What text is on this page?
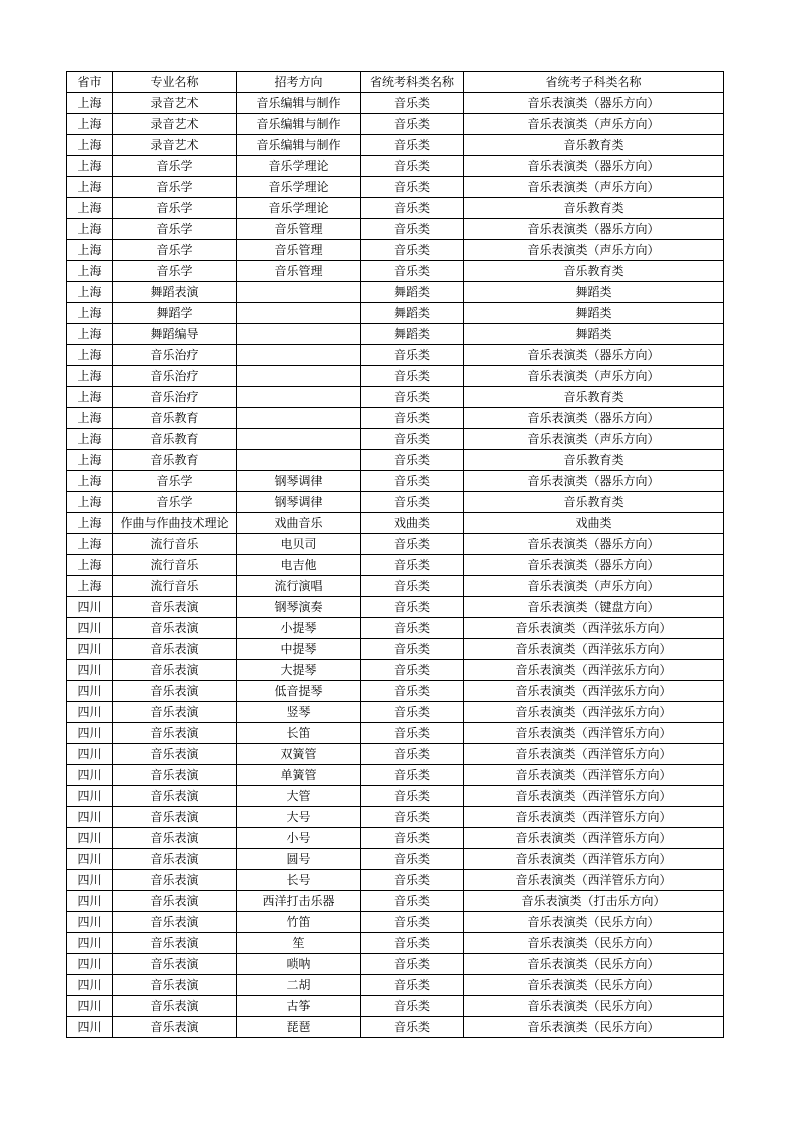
省市	专业名称	招考方向	省统考科类名称	省统考子科类名称
上海	录音艺术	音乐编辑与制作	音乐类	音乐表演类（器乐方向）
上海	录音艺术	音乐编辑与制作	音乐类	音乐表演类（声乐方向）
上海	录音艺术	音乐编辑与制作	音乐类	音乐教育类
上海	音乐学	音乐学理论	音乐类	音乐表演类（器乐方向）
上海	音乐学	音乐学理论	音乐类	音乐表演类（声乐方向）
上海	音乐学	音乐学理论	音乐类	音乐教育类
上海	音乐学	音乐管理	音乐类	音乐表演类（器乐方向）
上海	音乐学	音乐管理	音乐类	音乐表演类（声乐方向）
上海	音乐学	音乐管理	音乐类	音乐教育类
上海	舞蹈表演		舞蹈类	舞蹈类
上海	舞蹈学		舞蹈类	舞蹈类
上海	舞蹈编导		舞蹈类	舞蹈类
上海	音乐治疗		音乐类	音乐表演类（器乐方向）
上海	音乐治疗		音乐类	音乐表演类（声乐方向）
上海	音乐治疗		音乐类	音乐教育类
上海	音乐教育		音乐类	音乐表演类（器乐方向）
上海	音乐教育		音乐类	音乐表演类（声乐方向）
上海	音乐教育		音乐类	音乐教育类
上海	音乐学	钢琴调律	音乐类	音乐表演类（器乐方向）
上海	音乐学	钢琴调律	音乐类	音乐教育类
上海	作曲与作曲技术理论	戏曲音乐	戏曲类	戏曲类
上海	流行音乐	电贝司	音乐类	音乐表演类（器乐方向）
上海	流行音乐	电吉他	音乐类	音乐表演类（器乐方向）
上海	流行音乐	流行演唱	音乐类	音乐表演类（声乐方向）
四川	音乐表演	钢琴演奏	音乐类	音乐表演类（键盘方向）
四川	音乐表演	小提琴	音乐类	音乐表演类（西洋弦乐方向）
四川	音乐表演	中提琴	音乐类	音乐表演类（西洋弦乐方向）
四川	音乐表演	大提琴	音乐类	音乐表演类（西洋弦乐方向）
四川	音乐表演	低音提琴	音乐类	音乐表演类（西洋弦乐方向）
四川	音乐表演	竖琴	音乐类	音乐表演类（西洋弦乐方向）
四川	音乐表演	长笛	音乐类	音乐表演类（西洋管乐方向）
四川	音乐表演	双簧管	音乐类	音乐表演类（西洋管乐方向）
四川	音乐表演	单簧管	音乐类	音乐表演类（西洋管乐方向）
四川	音乐表演	大管	音乐类	音乐表演类（西洋管乐方向）
四川	音乐表演	大号	音乐类	音乐表演类（西洋管乐方向）
四川	音乐表演	小号	音乐类	音乐表演类（西洋管乐方向）
四川	音乐表演	圆号	音乐类	音乐表演类（西洋管乐方向）
四川	音乐表演	长号	音乐类	音乐表演类（西洋管乐方向）
四川	音乐表演	西洋打击乐器	音乐类	音乐表演类（打击乐方向）
四川	音乐表演	竹笛	音乐类	音乐表演类（民乐方向）
四川	音乐表演	笙	音乐类	音乐表演类（民乐方向）
四川	音乐表演	唢呐	音乐类	音乐表演类（民乐方向）
四川	音乐表演	二胡	音乐类	音乐表演类（民乐方向）
四川	音乐表演	古筝	音乐类	音乐表演类（民乐方向）
四川	音乐表演	琵琶	音乐类	音乐表演类（民乐方向）
